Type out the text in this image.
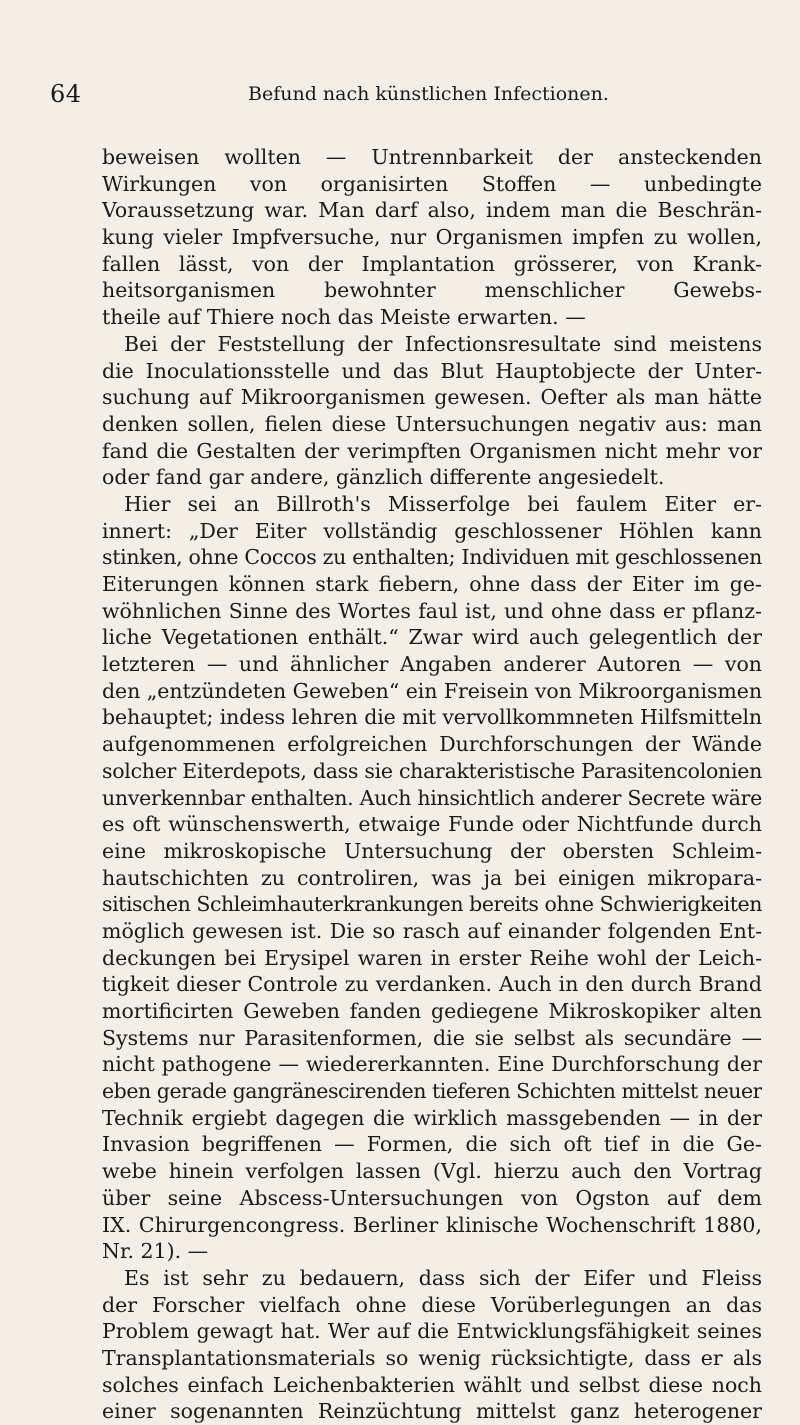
64	Befund nach künstlichen Infectionen.
beweisen wollten — Untrennbarkeit der ansteckenden
Wirkungen von organisirten Stoffen — unbedingte
Voraussetzung war. Man darf also, indem man die Beschrän-
kung vieler Impfversuche, nur Organismen impfen zu wollen,
fallen lässt, von der Implantation grösserer, von Krank-
heitsorganismen bewohnter menschlicher Gewebs-
theile auf Thiere noch das Meiste erwarten. —
Bei der Feststellung der Infectionsresultate sind meistens
die Inoculationsstelle und das Blut Hauptobjecte der Unter-
suchung auf Mikroorganismen gewesen. Oefter als man hätte
denken sollen, fielen diese Untersuchungen negativ aus: man
fand die Gestalten der verimpften Organismen nicht mehr vor
oder fand gar andere, gänzlich differente angesiedelt.
Hier sei an Billroth's Misserfolge bei faulem Eiter er-
innert: „Der Eiter vollständig geschlossener Höhlen kann
stinken, ohne Coccos zu enthalten; Individuen mit geschlossenen
Eiterungen können stark fiebern, ohne dass der Eiter im ge-
wöhnlichen Sinne des Wortes faul ist, und ohne dass er pflanz-
liche Vegetationen enthält.“ Zwar wird auch gelegentlich der
letzteren — und ähnlicher Angaben anderer Autoren — von
den „entzündeten Geweben“ ein Freisein von Mikroorganismen
behauptet; indess lehren die mit vervollkommneten Hilfsmitteln
aufgenommenen erfolgreichen Durchforschungen der Wände
solcher Eiterdepots, dass sie charakteristische Parasitencolonien
unverkennbar enthalten. Auch hinsichtlich anderer Secrete wäre
es oft wünschenswerth, etwaige Funde oder Nichtfunde durch
eine mikroskopische Untersuchung der obersten Schleim-
hautschichten zu controliren, was ja bei einigen mikropara-
sitischen Schleimhauterkrankungen bereits ohne Schwierigkeiten
möglich gewesen ist. Die so rasch auf einander folgenden Ent-
deckungen bei Erysipel waren in erster Reihe wohl der Leich-
tigkeit dieser Controle zu verdanken. Auch in den durch Brand
mortificirten Geweben fanden gediegene Mikroskopiker alten
Systems nur Parasitenformen, die sie selbst als secundäre —
nicht pathogene — wiedererkannten. Eine Durchforschung der
eben gerade gangränescirenden tieferen Schichten mittelst neuer
Technik ergiebt dagegen die wirklich massgebenden — in der
Invasion begriffenen — Formen, die sich oft tief in die Ge-
webe hinein verfolgen lassen (Vgl. hierzu auch den Vortrag
über seine Abscess-Untersuchungen von Ogston auf dem
IX. Chirurgencongress. Berliner klinische Wochenschrift 1880,
Nr. 21). —
Es ist sehr zu bedauern, dass sich der Eifer und Fleiss
der Forscher vielfach ohne diese Vorüberlegungen an das
Problem gewagt hat. Wer auf die Entwicklungsfähigkeit seines
Transplantationsmaterials so wenig rücksichtigte, dass er als
solches einfach Leichenbakterien wählt und selbst diese noch
einer sogenannten Reinzüchtung mittelst ganz heterogener
